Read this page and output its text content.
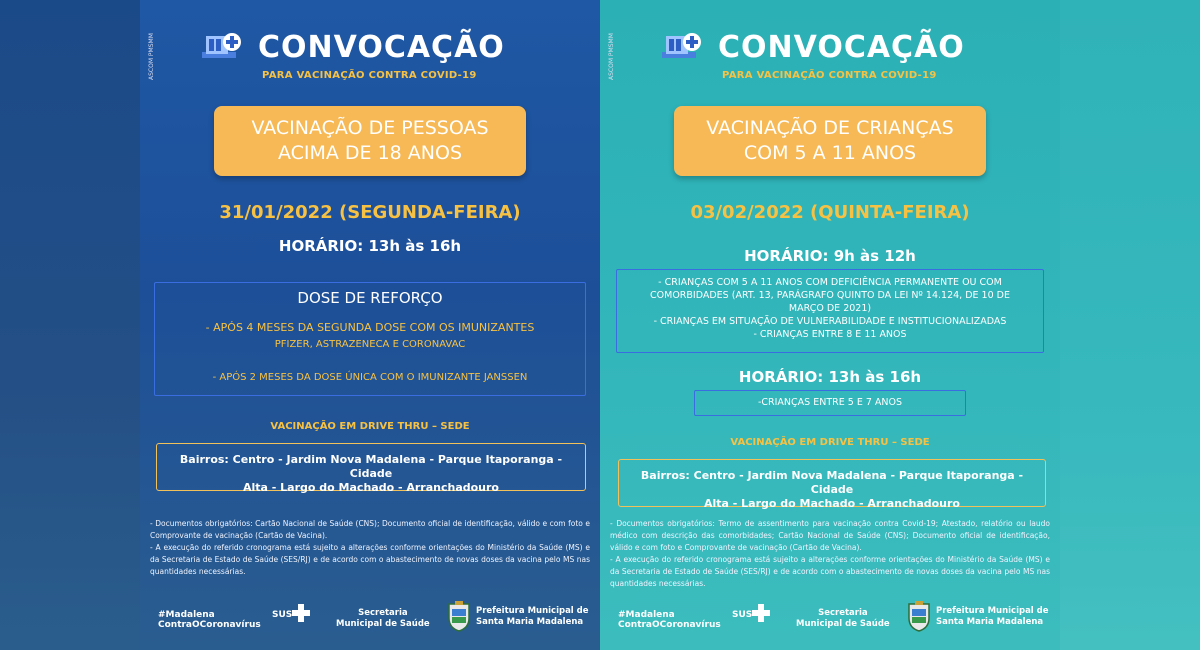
ASCOM PMSMM	CONVOCAÇÃO
PARA VACINAÇÃO CONTRA COVID-19
VACINAÇÃO DE PESSOAS
ACIMA DE 18 ANOS
31/01/2022 (SEGUNDA-FEIRA)
HORÁRIO: 13h às 16h
DOSE DE REFORÇO
- APÓS 4 MESES DA SEGUNDA DOSE COM OS IMUNIZANTES
PFIZER, ASTRAZENECA E CORONAVAC
- APÓS 2 MESES DA DOSE ÚNICA COM O IMUNIZANTE JANSSEN
VACINAÇÃO EM DRIVE THRU – SEDE
Bairros: Centro - Jardim Nova Madalena - Parque Itaporanga - Cidade
Alta - Largo do Machado - Arranchadouro
- Documentos obrigatórios: Cartão Nacional de Saúde (CNS); Documento oficial de identificação, válido e com foto e Comprovante de vacinação (Cartão de Vacina).
- A execução do referido cronograma está sujeito a alterações conforme orientações do Ministério da Saúde (MS) e da Secretaria de Estado de Saúde (SES/RJ) e de acordo com o abastecimento de novas doses da vacina pelo MS nas quantidades necessárias.
#Madalena
ContraOCoronavírus
SUS	Secretaria
Municipal de Saúde
Prefeitura Municipal de
Santa Maria Madalena
ASCOM PMSMM	CONVOCAÇÃO
PARA VACINAÇÃO CONTRA COVID-19
VACINAÇÃO DE CRIANÇAS
COM 5 A 11 ANOS
03/02/2022 (QUINTA-FEIRA)
HORÁRIO: 9h às 12h
- CRIANÇAS COM 5 A 11 ANOS COM DEFICIÊNCIA PERMANENTE OU COM
COMORBIDADES (ART. 13, PARÁGRAFO QUINTO DA LEI Nº 14.124, DE 10 DE
MARÇO DE 2021)
- CRIANÇAS EM SITUAÇÃO DE VULNERABILIDADE E INSTITUCIONALIZADAS
- CRIANÇAS ENTRE 8 E 11 ANOS
HORÁRIO: 13h às 16h
-CRIANÇAS ENTRE 5 E 7 ANOS
VACINAÇÃO EM DRIVE THRU – SEDE
Bairros: Centro - Jardim Nova Madalena - Parque Itaporanga - Cidade
Alta - Largo do Machado - Arranchadouro
- Documentos obrigatórios: Termo de assentimento para vacinação contra Covid-19; Atestado, relatório ou laudo médico com descrição das comorbidades; Cartão Nacional de Saúde (CNS); Documento oficial de identificação, válido e com foto e Comprovante de vacinação (Cartão de Vacina).
- A execução do referido cronograma está sujeito a alterações conforme orientações do Ministério da Saúde (MS) e da Secretaria de Estado de Saúde (SES/RJ) e de acordo com o abastecimento de novas doses da vacina pelo MS nas quantidades necessárias.
#Madalena
ContraOCoronavírus
SUS	Secretaria
Municipal de Saúde
Prefeitura Municipal de
Santa Maria Madalena
